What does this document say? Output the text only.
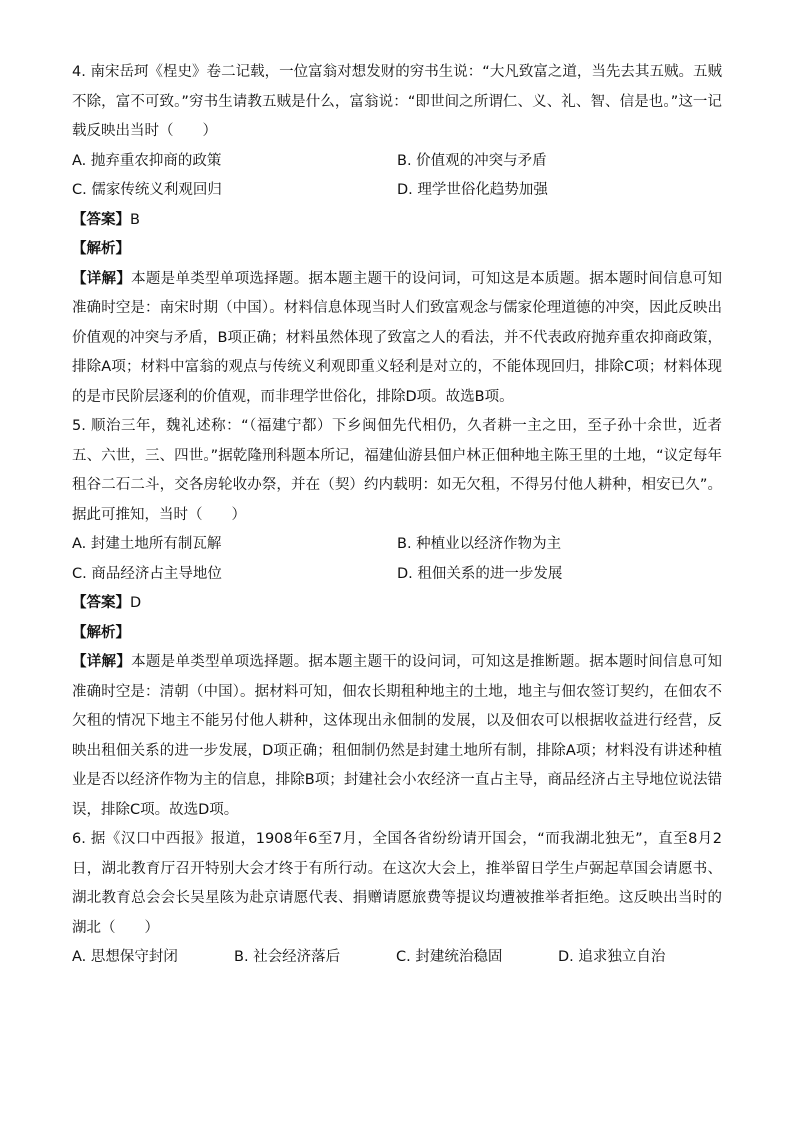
4. 南宋岳珂《桯史》卷二记载，一位富翁对想发财的穷书生说：“大凡致富之道，当先去其五贼。五贼不除，富不可致。”穷书生请教五贼是什么，富翁说：“即世间之所谓仁、义、礼、智、信是也。”这一记载反映出当时（　　）

A. 抛弃重农抑商的政策	B. 价值观的冲突与矛盾
C. 儒家传统义利观回归	D. 理学世俗化趋势加强
【答案】B
【解析】

【详解】本题是单类型单项选择题。据本题主题干的设问词，可知这是本质题。据本题时间信息可知准确时空是：南宋时期（中国）。材料信息体现当时人们致富观念与儒家伦理道德的冲突，因此反映出价值观的冲突与矛盾，B项正确；材料虽然体现了致富之人的看法，并不代表政府抛弃重农抑商政策，排除A项；材料中富翁的观点与传统义利观即重义轻利是对立的，不能体现回归，排除C项；材料体现的是市民阶层逐利的价值观，而非理学世俗化，排除D项。故选B项。

5. 顺治三年，魏礼述称：“（福建宁都）下乡闽佃先代相仍，久者耕一主之田，至子孙十余世，近者五、六世，三、四世。”据乾隆刑科题本所记，福建仙游县佃户林正佃种地主陈王里的土地，“议定每年租谷二石二斗，交各房轮收办祭，并在（契）约内载明：如无欠租，不得另付他人耕种，相安已久”。据此可推知，当时（　　）

A. 封建土地所有制瓦解	B. 种植业以经济作物为主
C. 商品经济占主导地位	D. 租佃关系的进一步发展
【答案】D
【解析】

【详解】本题是单类型单项选择题。据本题主题干的设问词，可知这是推断题。据本题时间信息可知准确时空是：清朝（中国）。据材料可知，佃农长期租种地主的土地，地主与佃农签订契约，在佃农不欠租的情况下地主不能另付他人耕种，这体现出永佃制的发展，以及佃农可以根据收益进行经营，反映出租佃关系的进一步发展，D项正确；租佃制仍然是封建土地所有制，排除A项；材料没有讲述种植业是否以经济作物为主的信息，排除B项；封建社会小农经济一直占主导，商品经济占主导地位说法错误，排除C项。故选D项。

6. 据《汉口中西报》报道，1908年6至7月，全国各省纷纷请开国会，“而我湖北独无”，直至8月2日，湖北教育厅召开特别大会才终于有所行动。在这次大会上，推举留日学生卢弼起草国会请愿书、湖北教育总会会长吴星陔为赴京请愿代表、捐赠请愿旅费等提议均遭被推举者拒绝。这反映出当时的湖北（　　）

A. 思想保守封闭	B. 社会经济落后	C. 封建统治稳固	D. 追求独立自治
